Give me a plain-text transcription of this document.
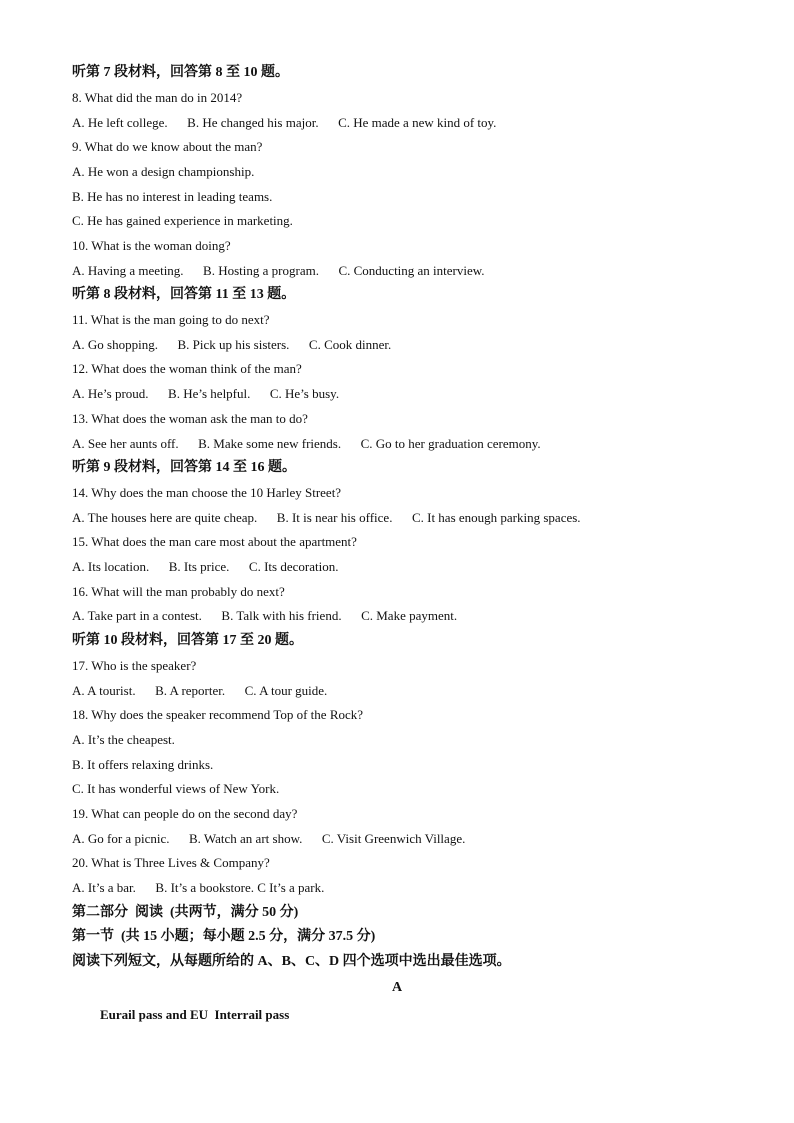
听第 7 段材料，回答第 8 至 10 题。
8. What did the man do in 2014?
A. He left college.      B. He changed his major.      C. He made a new kind of toy.
9. What do we know about the man?
A. He won a design championship.
B. He has no interest in leading teams.
C. He has gained experience in marketing.
10. What is the woman doing?
A. Having a meeting.      B. Hosting a program.      C. Conducting an interview.
听第 8 段材料，回答第 11 至 13 题。
11. What is the man going to do next?
A. Go shopping.      B. Pick up his sisters.      C. Cook dinner.
12. What does the woman think of the man?
A. He’s proud.      B. He’s helpful.      C. He’s busy.
13. What does the woman ask the man to do?
A. See her aunts off.      B. Make some new friends.      C. Go to her graduation ceremony.
听第 9 段材料，回答第 14 至 16 题。
14. Why does the man choose the 10 Harley Street?
A. The houses here are quite cheap.      B. It is near his office.      C. It has enough parking spaces.
15. What does the man care most about the apartment?
A. Its location.      B. Its price.      C. Its decoration.
16. What will the man probably do next?
A. Take part in a contest.      B. Talk with his friend.      C. Make payment.
听第 10 段材料，回答第 17 至 20 题。
17. Who is the speaker?
A. A tourist.      B. A reporter.      C. A tour guide.
18. Why does the speaker recommend Top of the Rock?
A. It’s the cheapest.
B. It offers relaxing drinks.
C. It has wonderful views of New York.
19. What can people do on the second day?
A. Go for a picnic.      B. Watch an art show.      C. Visit Greenwich Village.
20. What is Three Lives & Company?
A. It’s a bar.      B. It’s a bookstore. C It’s a park.
第二部分  阅读  (共两节，满分 50 分)
第一节  (共 15 小题；每小题 2.5 分，满分 37.5 分)
阅读下列短文，从每题所给的 A、B、C、D 四个选项中选出最佳选项。
A
Eurail pass and EU  Interrail pass
